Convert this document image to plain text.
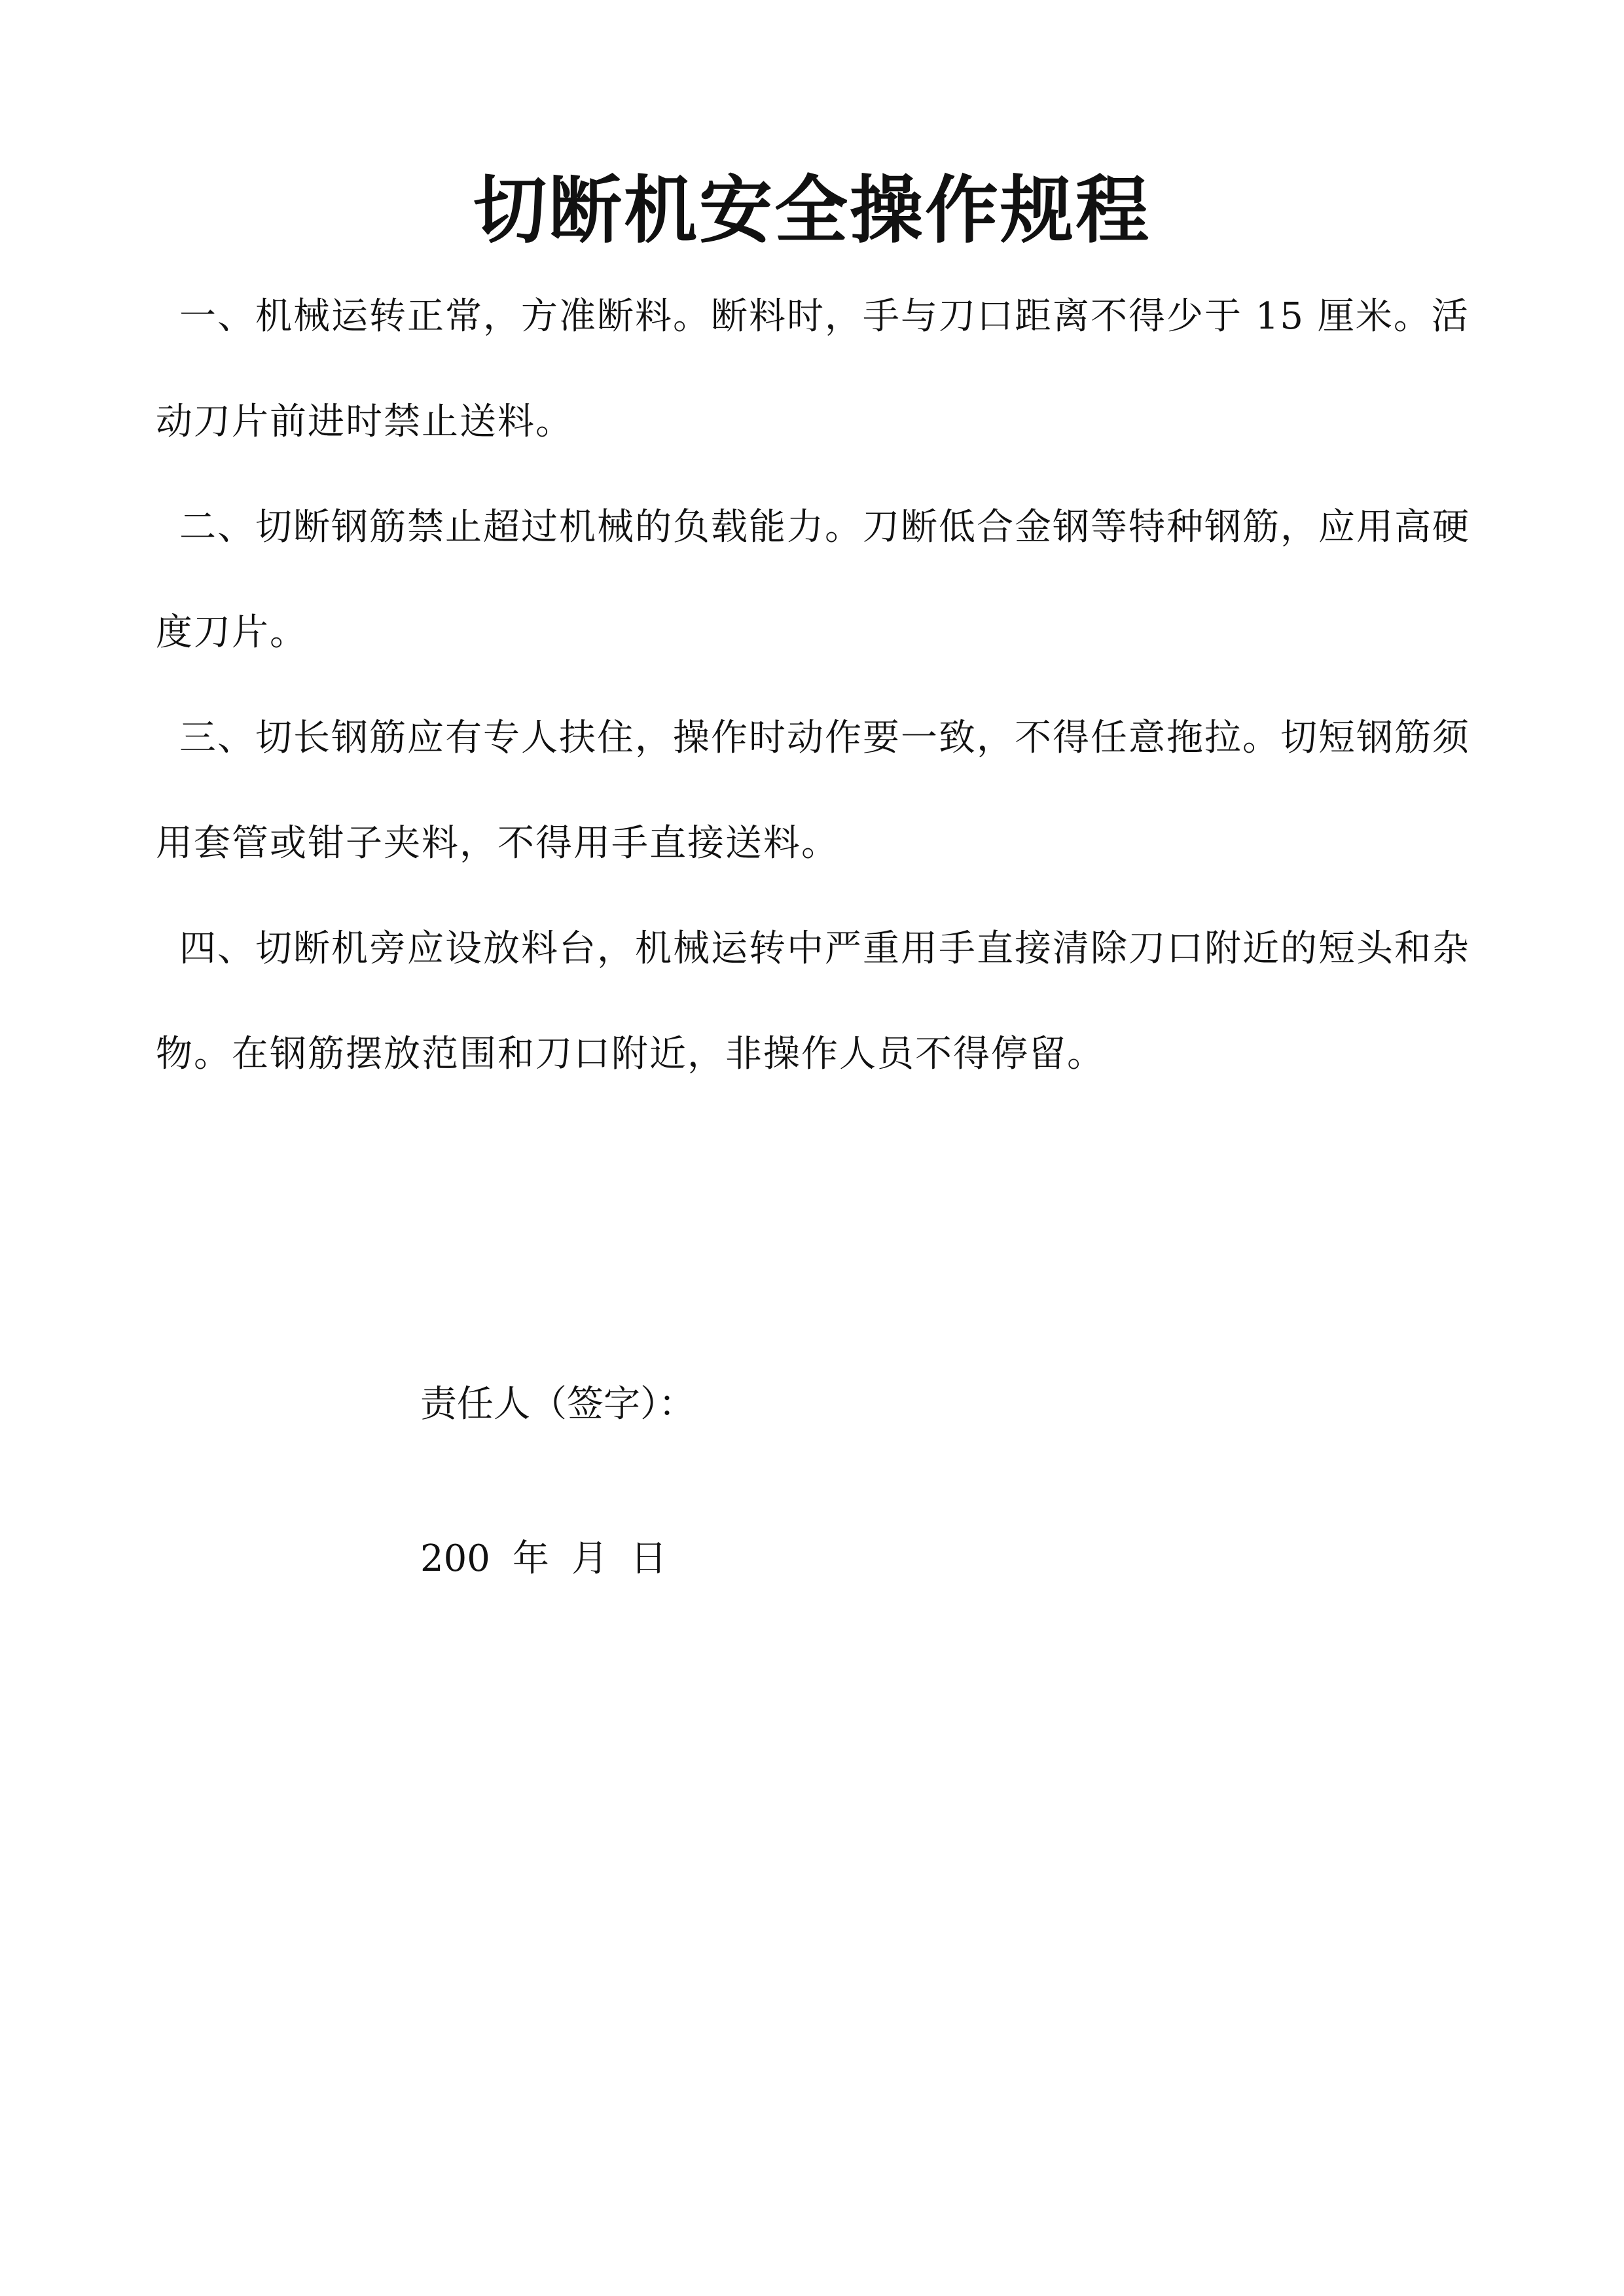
切断机安全操作规程

一、机械运转正常，方准断料。断料时，手与刀口距离不得少于 15 厘米。活动刀片前进时禁止送料。

二、切断钢筋禁止超过机械的负载能力。刀断低合金钢等特种钢筋，应用高硬度刀片。

三、切长钢筋应有专人扶住，操作时动作要一致，不得任意拖拉。切短钢筋须用套管或钳子夹料，不得用手直接送料。

四、切断机旁应设放料台，机械运转中严重用手直接清除刀口附近的短头和杂物。在钢筋摆放范围和刀口附近，非操作人员不得停留。

责任人（签字）：

200 年 月 日
